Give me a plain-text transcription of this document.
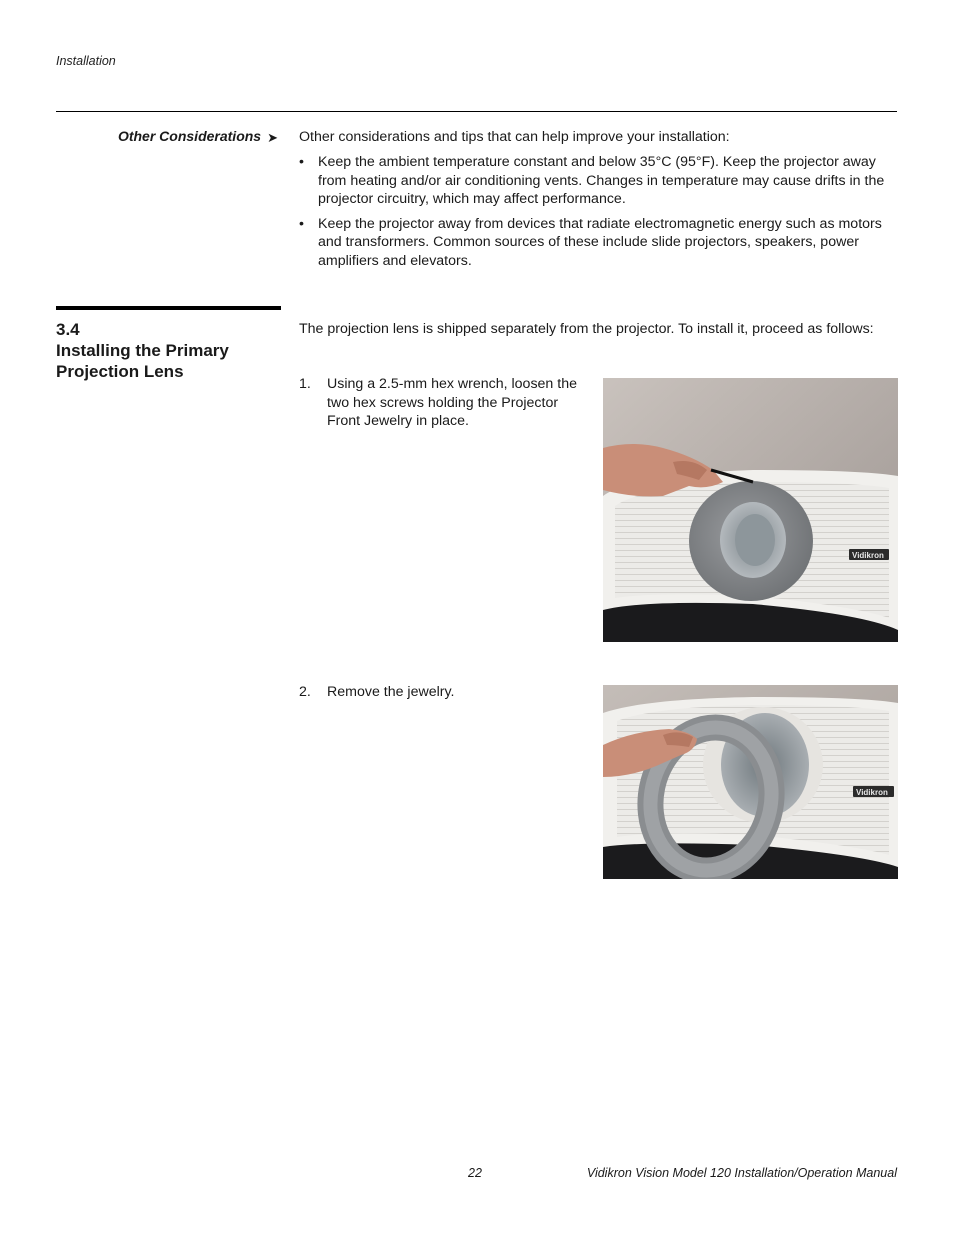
Installation
Other Considerations ➤ Other considerations and tips that can help improve your installation:

• Keep the ambient temperature constant and below 35°C (95°F). Keep the projector away from heating and/or air conditioning vents. Changes in temperature may cause drifts in the projector circuitry, which may affect performance.
• Keep the projector away from devices that radiate electromagnetic energy such as motors and transformers. Common sources of these include slide projectors, speakers, power amplifiers and elevators.
3.4
Installing the Primary
Projection Lens

The projection lens is shipped separately from the projector. To install it, proceed as follows:

1.	Using a 2.5-mm hex wrench, loosen the two hex screws holding the Projector Front Jewelry in place.
Vidikron
2.	Remove the jewelry.
Vidikron
22	Vidikron Vision Model 120 Installation/Operation Manual
